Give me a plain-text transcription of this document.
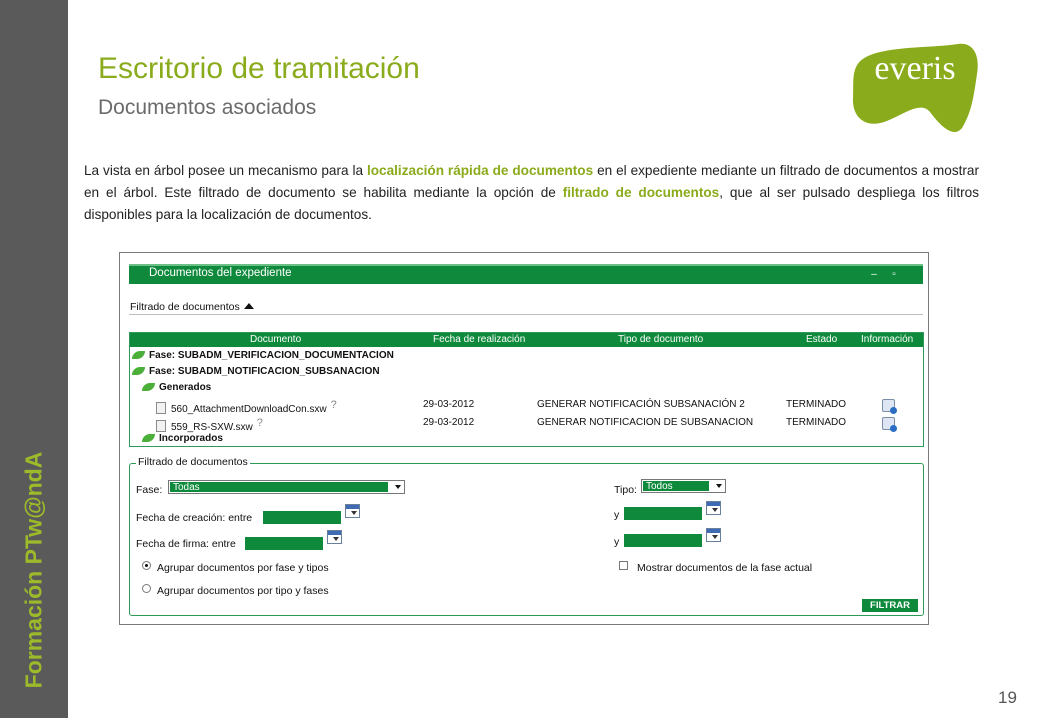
Formación PTw@ndA
Escritorio de tramitación
Documentos asociados
everis

La vista en árbol posee un mecanismo para la localización rápida de documentos en el expediente mediante un filtrado de documentos a mostrar en el árbol. Este filtrado de documento se habilita mediante la opción de filtrado de documentos, que al ser pulsado despliega los filtros disponibles para la localización de documentos.

Documentos del expediente	–	▫
Filtrado de documentos
Documento	Fecha de realización	Tipo de documento	Estado Información
Fase: SUBADM_VERIFICACION_DOCUMENTACION
Fase: SUBADM_NOTIFICACION_SUBSANACION
Generados
560_AttachmentDownloadCon.sxw ?	29-03-2012	GENERAR NOTIFICACIÓN SUBSANACIÓN 2	TERMINADO
559_RS-SXW.sxw ?	29-03-2012	GENERAR NOTIFICACION DE SUBSANACION	TERMINADO
Incorporados
Filtrado de documentos
Fase:	Todas	Tipo: Todos
Fecha de creación: entre	y
Fecha de firma: entre	y
Agrupar documentos por fase y tipos
Agrupar documentos por tipo y fases
Mostrar documentos de la fase actual
FILTRAR
19
